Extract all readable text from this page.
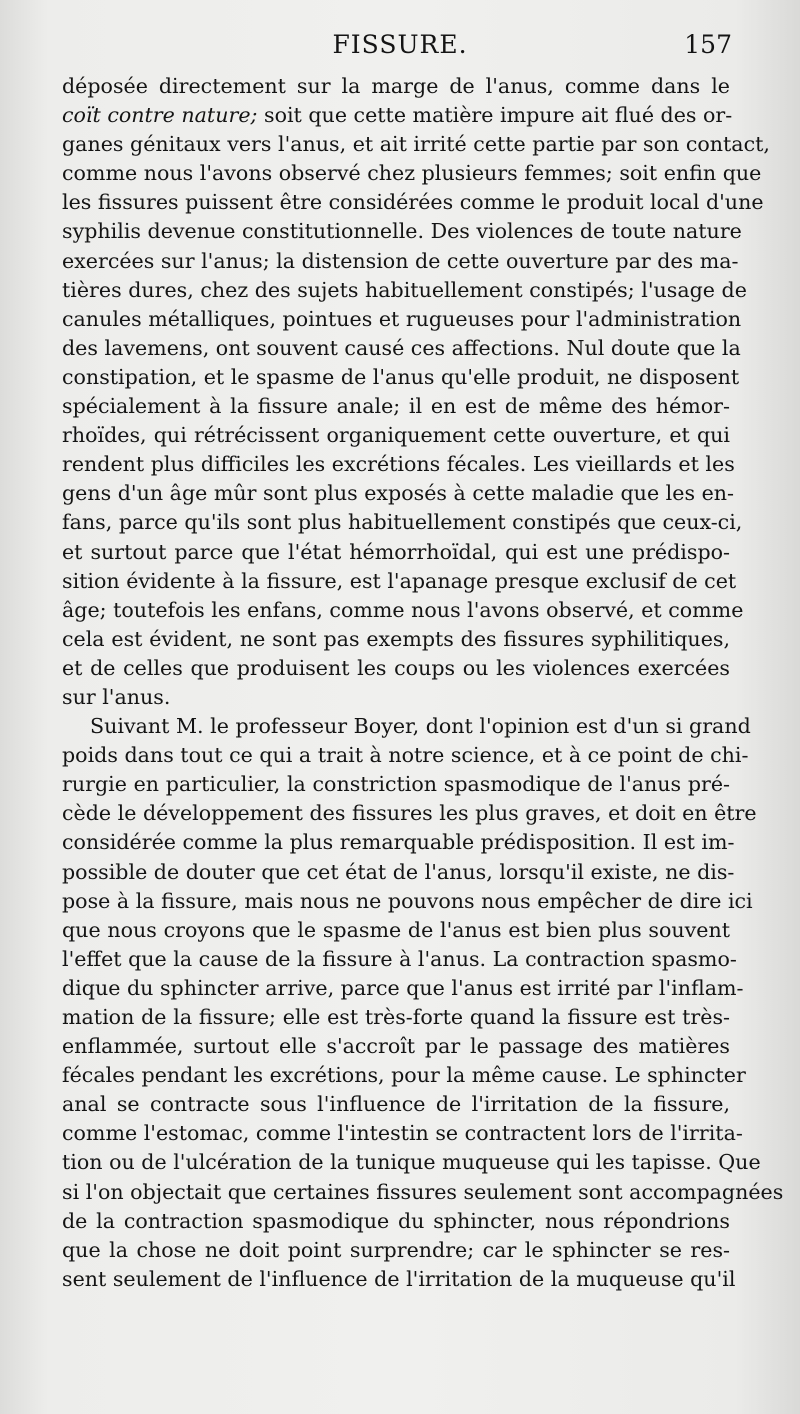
FISSURE.	157
déposée directement sur la marge de l'anus, comme dans le
coït contre nature; soit que cette matière impure ait flué des or-
ganes génitaux vers l'anus, et ait irrité cette partie par son contact,
comme nous l'avons observé chez plusieurs femmes; soit enfin que
les fissures puissent être considérées comme le produit local d'une
syphilis devenue constitutionnelle. Des violences de toute nature
exercées sur l'anus; la distension de cette ouverture par des ma-
tières dures, chez des sujets habituellement constipés; l'usage de
canules métalliques, pointues et rugueuses pour l'administration
des lavemens, ont souvent causé ces affections. Nul doute que la
constipation, et le spasme de l'anus qu'elle produit, ne disposent
spécialement à la fissure anale; il en est de même des hémor-
rhoïdes, qui rétrécissent organiquement cette ouverture, et qui
rendent plus difficiles les excrétions fécales. Les vieillards et les
gens d'un âge mûr sont plus exposés à cette maladie que les en-
fans, parce qu'ils sont plus habituellement constipés que ceux-ci,
et surtout parce que l'état hémorrhoïdal, qui est une prédispo-
sition évidente à la fissure, est l'apanage presque exclusif de cet
âge; toutefois les enfans, comme nous l'avons observé, et comme
cela est évident, ne sont pas exempts des fissures syphilitiques,
et de celles que produisent les coups ou les violences exercées
sur l'anus.
Suivant M. le professeur Boyer, dont l'opinion est d'un si grand
poids dans tout ce qui a trait à notre science, et à ce point de chi-
rurgie en particulier, la constriction spasmodique de l'anus pré-
cède le développement des fissures les plus graves, et doit en être
considérée comme la plus remarquable prédisposition. Il est im-
possible de douter que cet état de l'anus, lorsqu'il existe, ne dis-
pose à la fissure, mais nous ne pouvons nous empêcher de dire ici
que nous croyons que le spasme de l'anus est bien plus souvent
l'effet que la cause de la fissure à l'anus. La contraction spasmo-
dique du sphincter arrive, parce que l'anus est irrité par l'inflam-
mation de la fissure; elle est très-forte quand la fissure est très-
enflammée, surtout elle s'accroît par le passage des matières
fécales pendant les excrétions, pour la même cause. Le sphincter
anal se contracte sous l'influence de l'irritation de la fissure,
comme l'estomac, comme l'intestin se contractent lors de l'irrita-
tion ou de l'ulcération de la tunique muqueuse qui les tapisse. Que
si l'on objectait que certaines fissures seulement sont accompagnées
de la contraction spasmodique du sphincter, nous répondrions
que la chose ne doit point surprendre; car le sphincter se res-
sent seulement de l'influence de l'irritation de la muqueuse qu'il
